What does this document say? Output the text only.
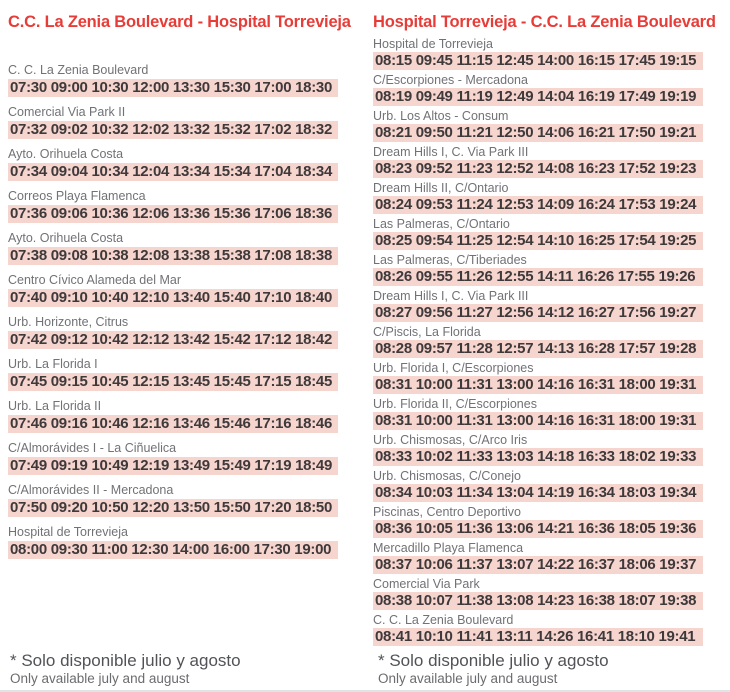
C.C. La Zenia Boulevard - Hospital Torrevieja
C. C. La Zenia Boulevard
07:30 09:00 10:30 12:00 13:30 15:30 17:00 18:30
Comercial Via Park II
07:32 09:02 10:32 12:02 13:32 15:32 17:02 18:32
Ayto. Orihuela Costa
07:34 09:04 10:34 12:04 13:34 15:34 17:04 18:34
Correos Playa Flamenca
07:36 09:06 10:36 12:06 13:36 15:36 17:06 18:36
Ayto. Orihuela Costa
07:38 09:08 10:38 12:08 13:38 15:38 17:08 18:38
Centro Cívico Alameda del Mar
07:40 09:10 10:40 12:10 13:40 15:40 17:10 18:40
Urb. Horizonte, Citrus
07:42 09:12 10:42 12:12 13:42 15:42 17:12 18:42
Urb. La Florida I
07:45 09:15 10:45 12:15 13:45 15:45 17:15 18:45
Urb. La Florida II
07:46 09:16 10:46 12:16 13:46 15:46 17:16 18:46
C/Almorávides I - La Ciñuelica
07:49 09:19 10:49 12:19 13:49 15:49 17:19 18:49
C/Almorávides II - Mercadona
07:50 09:20 10:50 12:20 13:50 15:50 17:20 18:50
Hospital de Torrevieja
08:00 09:30 11:00 12:30 14:00 16:00 17:30 19:00
Hospital Torrevieja - C.C. La Zenia Boulevard
Hospital de Torrevieja
08:15 09:45 11:15 12:45 14:00 16:15 17:45 19:15
C/Escorpiones - Mercadona
08:19 09:49 11:19 12:49 14:04 16:19 17:49 19:19
Urb. Los Altos - Consum
08:21 09:50 11:21 12:50 14:06 16:21 17:50 19:21
Dream Hills I, C. Via Park III
08:23 09:52 11:23 12:52 14:08 16:23 17:52 19:23
Dream Hills II, C/Ontario
08:24 09:53 11:24 12:53 14:09 16:24 17:53 19:24
Las Palmeras, C/Ontario
08:25 09:54 11:25 12:54 14:10 16:25 17:54 19:25
Las Palmeras, C/Tiberiades
08:26 09:55 11:26 12:55 14:11 16:26 17:55 19:26
Dream Hills I, C. Via Park III
08:27 09:56 11:27 12:56 14:12 16:27 17:56 19:27
C/Piscis, La Florida
08:28 09:57 11:28 12:57 14:13 16:28 17:57 19:28
Urb. Florida I, C/Escorpiones
08:31 10:00 11:31 13:00 14:16 16:31 18:00 19:31
Urb. Florida II, C/Escorpiones
08:31 10:00 11:31 13:00 14:16 16:31 18:00 19:31
Urb. Chismosas, C/Arco Iris
08:33 10:02 11:33 13:03 14:18 16:33 18:02 19:33
Urb. Chismosas, C/Conejo
08:34 10:03 11:34 13:04 14:19 16:34 18:03 19:34
Piscinas, Centro Deportivo
08:36 10:05 11:36 13:06 14:21 16:36 18:05 19:36
Mercadillo Playa Flamenca
08:37 10:06 11:37 13:07 14:22 16:37 18:06 19:37
Comercial Via Park
08:38 10:07 11:38 13:08 14:23 16:38 18:07 19:38
C. C. La Zenia Boulevard
08:41 10:10 11:41 13:11 14:26 16:41 18:10 19:41
* Solo disponible julio y agosto
Only available july and august
* Solo disponible julio y agosto
Only available july and august
